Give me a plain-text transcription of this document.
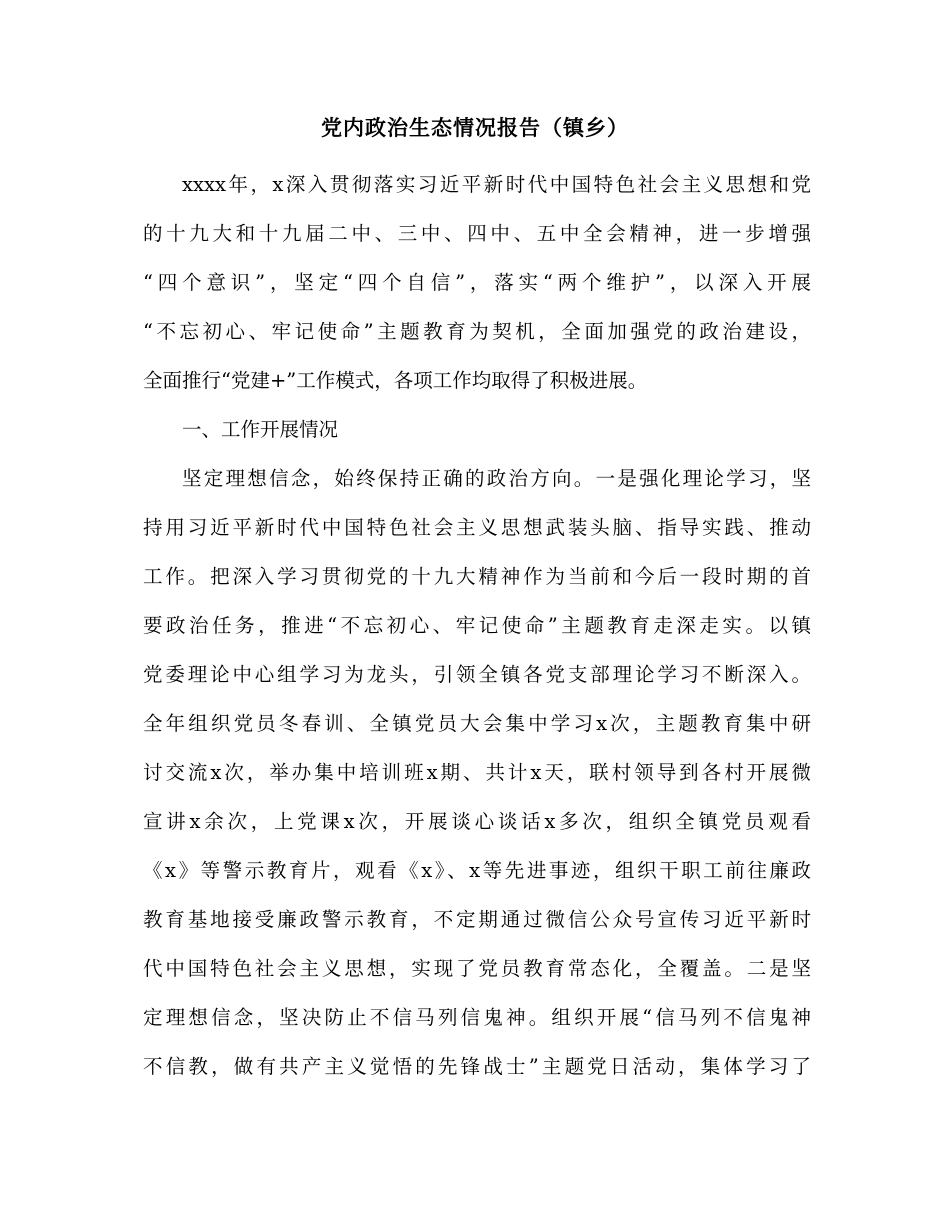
党内政治生态情况报告（镇乡）
xxxx年，x深入贯彻落实习近平新时代中国特色社会主义思想和党
的十九大和十九届二中、三中、四中、五中全会精神，进一步增强
“四个意识”，坚定“四个自信”，落实“两个维护”，以深入开展
“不忘初心、牢记使命”主题教育为契机，全面加强党的政治建设，
全面推行“党建+”工作模式，各项工作均取得了积极进展。
一、工作开展情况
坚定理想信念，始终保持正确的政治方向。一是强化理论学习，坚
持用习近平新时代中国特色社会主义思想武装头脑、指导实践、推动
工作。把深入学习贯彻党的十九大精神作为当前和今后一段时期的首
要政治任务，推进“不忘初心、牢记使命”主题教育走深走实。以镇
党委理论中心组学习为龙头，引领全镇各党支部理论学习不断深入。
全年组织党员冬春训、全镇党员大会集中学习x次，主题教育集中研
讨交流x次，举办集中培训班x期、共计x天，联村领导到各村开展微
宣讲x余次，上党课x次，开展谈心谈话x多次，组织全镇党员观看
《x》等警示教育片，观看《x》、x等先进事迹，组织干职工前往廉政
教育基地接受廉政警示教育，不定期通过微信公众号宣传习近平新时
代中国特色社会主义思想，实现了党员教育常态化，全覆盖。二是坚
定理想信念，坚决防止不信马列信鬼神。组织开展“信马列不信鬼神
不信教，做有共产主义觉悟的先锋战士”主题党日活动，集体学习了
